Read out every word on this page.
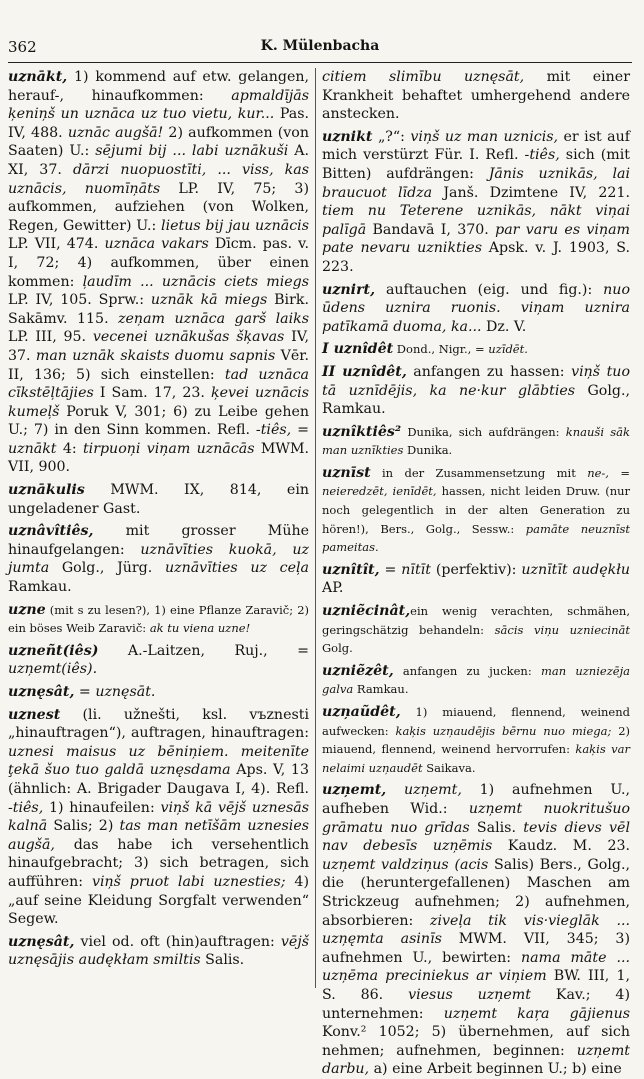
362	K. Mülenbacha

uznākt, 1) kommend auf etw. gelangen, herauf-, hinaufkommen: apmaldījās ķeniņš un uznāca uz tuo vietu, kur... Pas. IV, 488. uznāc augšā! 2) aufkommen (von Saaten) U.: sējumi bij ... labi uznākuši A. XI, 37. dārzi nuopuostīti, ... viss, kas uznācis, nuomīņāts LP. IV, 75; 3) aufkommen, aufziehen (von Wolken, Regen, Gewitter) U.: lietus bij jau uznācis LP. VII, 474. uznāca vakars Dīcm. pas. v. I, 72; 4) aufkommen, über einen kommen: ļaudīm ... uznācis ciets miegs LP. IV, 105. Sprw.: uznāk kā miegs Birk. Sakāmv. 115. zeņam uznāca garš laiks LP. III, 95. vecenei uznākušas šķavas IV, 37. man uznāk skaists duomu sapnis Vēr. II, 136; 5) sich einstellen: tad uznāca cīkstēļtājies I Sam. 17, 23. ķevei uznācis kumeļš Poruk V, 301; 6) zu Leibe gehen U.; 7) in den Sinn kommen. Refl. -tiês, = uznākt 4: tirpuoņi viņam uznācās MWM. VII, 900.

uznākulis MWM. IX, 814, ein ungeladener Gast.

uznâvîtiês, mit grosser Mühe hinaufgelangen: uznāvīties kuokā, uz jumta Golg., Jürg. uznāvīties uz ceļa Ramkau.

uzne (mit s zu lesen?), 1) eine Pflanze Zaravič; 2) ein böses Weib Zaravič: ak tu viena uzne!

uzneñt(iês) A.-Laitzen, Ruj., = uzņemt(iês).

uznęsât, = uznęsāt.

uznest (li. užnešti, ksl. vъznesti „hinauftragen“), auftragen, hinauftragen: uznesi maisus uz bēniņiem. meitenīte ţekā šuo tuo galdā uznęsdama Aps. V, 13 (ähnlich: A. Brigader Daugava I, 4). Refl. -tiês, 1) hinaufeilen: viņš kā vējš uznesās kalnā Salis; 2) tas man netīšām uznesies augšā, das habe ich versehentlich hinaufgebracht; 3) sich betragen, sich aufführen: viņš pruot labi uznesties; 4) „auf seine Kleidung Sorgfalt verwenden“ Segew.

uznęsât, viel od. oft (hin)auftragen: vējš uznęsājis audękłam smiltis Salis.

citiem slimību uznęsāt, mit einer Krankheit behaftet umhergehend andere anstecken.

uznikt „?“: viņš uz man uznicis, er ist auf mich verstürzt Für. I. Refl. -tiês, sich (mit Bitten) aufdrängen: Jānis uznikās, lai braucuot līdza Janš. Dzimtene IV, 221. tiem nu Teterene uznikās, nākt viņai palīgā Bandavā I, 370. par varu es viņam pate nevaru uznikties Apsk. v. J. 1903, S. 223.

uznirt, auftauchen (eig. und fig.): nuo ūdens uznira ruonis. viņam uznira patīkamā duoma, ka... Dz. V.

I uznîdêt Dond., Nigr., = uzīdēt.

II uznîdêt, anfangen zu hassen: viņš tuo tā uznīdējis, ka ne·kur glābties Golg., Ramkau.

uznîktiês² Dunika, sich aufdrängen: knauši sāk man uznīkties Dunika.

uznīst in der Zusammensetzung mit ne-, = neieredzēt, ienīdēt, hassen, nicht leiden Druw. (nur noch gelegentlich in der alten Generation zu hören!), Bers., Golg., Sessw.: pamāte neuznīst pameitas.

uznîtît, = nītīt (perfektiv): uznītīt audękłu AP.

uzniẽcinât,ein wenig verachten, schmähen, geringschätzig behandeln: sācis viņu uzniecināt Golg.

uzniẽzêt, anfangen zu jucken: man uzniezēja galva Ramkau.

uzņaũdêt, 1) miauend, flennend, weinend aufwecken: kaķis uzņaudējis bērnu nuo miega; 2) miauend, flennend, weinend hervorrufen: kaķis var nelaimi uzņaudēt Saikava.

uzņemt, uzņemt, 1) aufnehmen U., aufheben Wid.: uzņemt nuokritušuo grāmatu nuo grīdas Salis. tevis dievs vēl nav debesīs uzņēmis Kaudz. M. 23. uzņemt valdziņus (acis Salis) Bers., Golg., die (heruntergefallenen) Maschen am Strickzeug aufnehmen; 2) aufnehmen, absorbieren: ziveļa tik vis·vieglāk ... uzņęmta asinīs MWM. VII, 345; 3) aufnehmen U., bewirten: nama māte ... uzņēma preciniekus ar viņiem BW. III, 1, S. 86. viesus uzņemt Kav.; 4) unternehmen: uzņemt kaŗa gājienus Konv.² 1052; 5) übernehmen, auf sich nehmen; aufnehmen, beginnen: uzņemt darbu, a) eine Arbeit beginnen U.; b) eine
